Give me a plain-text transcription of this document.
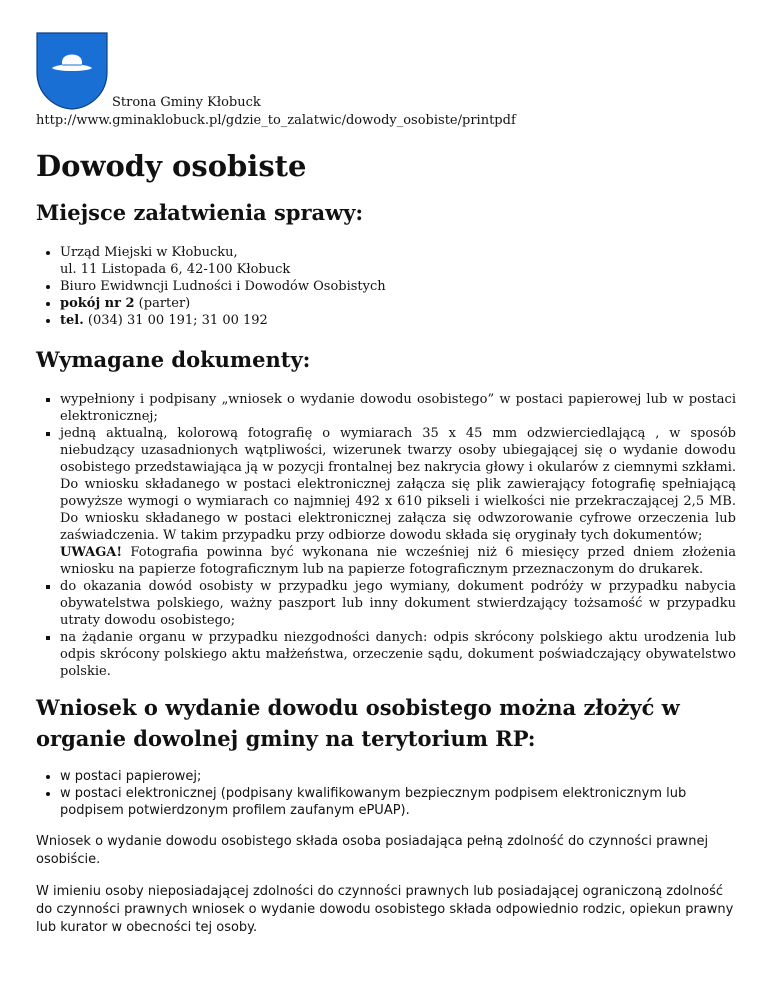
Strona Gminy Kłobuck
http://www.gminaklobuck.pl/gdzie_to_zalatwic/dowody_osobiste/printpdf
Dowody osobiste
Miejsce załatwienia sprawy:
• Urząd Miejski w Kłobucku,
ul. 11 Listopada 6, 42-100 Kłobuck
• Biuro Ewidwncji Ludności i Dowodów Osobistych
• pokój nr 2 (parter)
• tel. (034) 31 00 191; 31 00 192
Wymagane dokumenty:
▪ wypełniony i podpisany „wniosek o wydanie dowodu osobistego” w postaci papierowej lub w postaci elektronicznej;
▪ jedną aktualną, kolorową fotografię o wymiarach 35 x 45 mm odzwierciedlającą , w sposób niebudzący uzasadnionych wątpliwości, wizerunek twarzy osoby ubiegającej się o wydanie dowodu osobistego przedstawiająca ją w pozycji frontalnej bez nakrycia głowy i okularów z ciemnymi szkłami. Do wniosku składanego w postaci elektronicznej załącza się plik zawierający fotografię spełniającą powyższe wymogi o wymiarach co najmniej 492 x 610 pikseli i wielkości nie przekraczającej 2,5 MB. Do wniosku składanego w postaci elektronicznej załącza się odwzorowanie cyfrowe orzeczenia lub zaświadczenia. W takim przypadku przy odbiorze dowodu składa się oryginały tych dokumentów;
UWAGA! Fotografia powinna być wykonana nie wcześniej niż 6 miesięcy przed dniem złożenia wniosku na papierze fotograficznym lub na papierze fotograficznym przeznaczonym do drukarek.
▪ do okazania dowód osobisty w przypadku jego wymiany, dokument podróży w przypadku nabycia obywatelstwa polskiego, ważny paszport lub inny dokument stwierdzający tożsamość w przypadku utraty dowodu osobistego;
▪ na żądanie organu w przypadku niezgodności danych: odpis skrócony polskiego aktu urodzenia lub odpis skrócony polskiego aktu małżeństwa, orzeczenie sądu, dokument poświadczający obywatelstwo polskie.
Wniosek o wydanie dowodu osobistego można złożyć w organie dowolnej gminy na terytorium RP:
• w postaci papierowej;
• w postaci elektronicznej (podpisany kwalifikowanym bezpiecznym podpisem elektronicznym lub podpisem potwierdzonym profilem zaufanym ePUAP).

Wniosek o wydanie dowodu osobistego składa osoba posiadająca pełną zdolność do czynności prawnej osobiście.

W imieniu osoby nieposiadającej zdolności do czynności prawnych lub posiadającej ograniczoną zdolność do czynności prawnych wniosek o wydanie dowodu osobistego składa odpowiednio rodzic, opiekun prawny lub kurator w obecności tej osoby.
